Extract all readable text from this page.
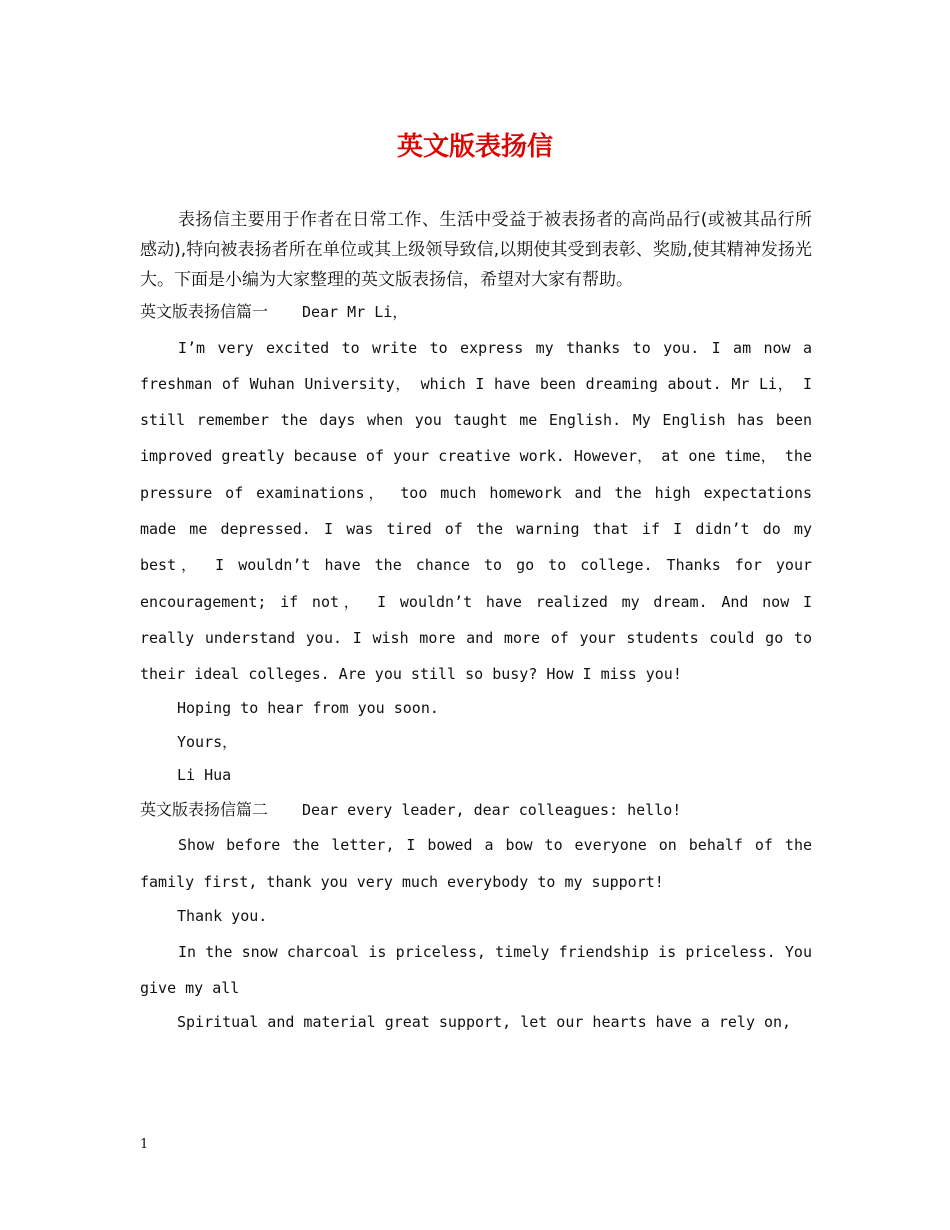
英文版表扬信

表扬信主要用于作者在日常工作、生活中受益于被表扬者的高尚品行(或被其品行所感动),特向被表扬者所在单位或其上级领导致信,以期使其受到表彰、奖励,使其精神发扬光大。下面是小编为大家整理的英文版表扬信，希望对大家有帮助。

英文版表扬信篇一 Dear Mr Li，

I’m very excited to write to express my thanks to you. I am now a freshman of Wuhan University， which I have been dreaming about. Mr Li， I still remember the days when you taught me English. My English has been improved greatly because of your creative work. However， at one time， the pressure of examinations， too much homework and the high expectations made me depressed. I was tired of the warning that if I didn’t do my best， I wouldn’t have the chance to go to college. Thanks for your encouragement; if not， I wouldn’t have realized my dream. And now I really understand you. I wish more and more of your students could go to their ideal colleges. Are you still so busy? How I miss you!

Hoping to hear from you soon.

Yours，

Li Hua

英文版表扬信篇二 Dear every leader, dear colleagues: hello!

Show before the letter, I bowed a bow to everyone on behalf of the family first, thank you very much everybody to my support!

Thank you.

In the snow charcoal is priceless, timely friendship is priceless. You give my all

Spiritual and material great support, let our hearts have a rely on,

1
